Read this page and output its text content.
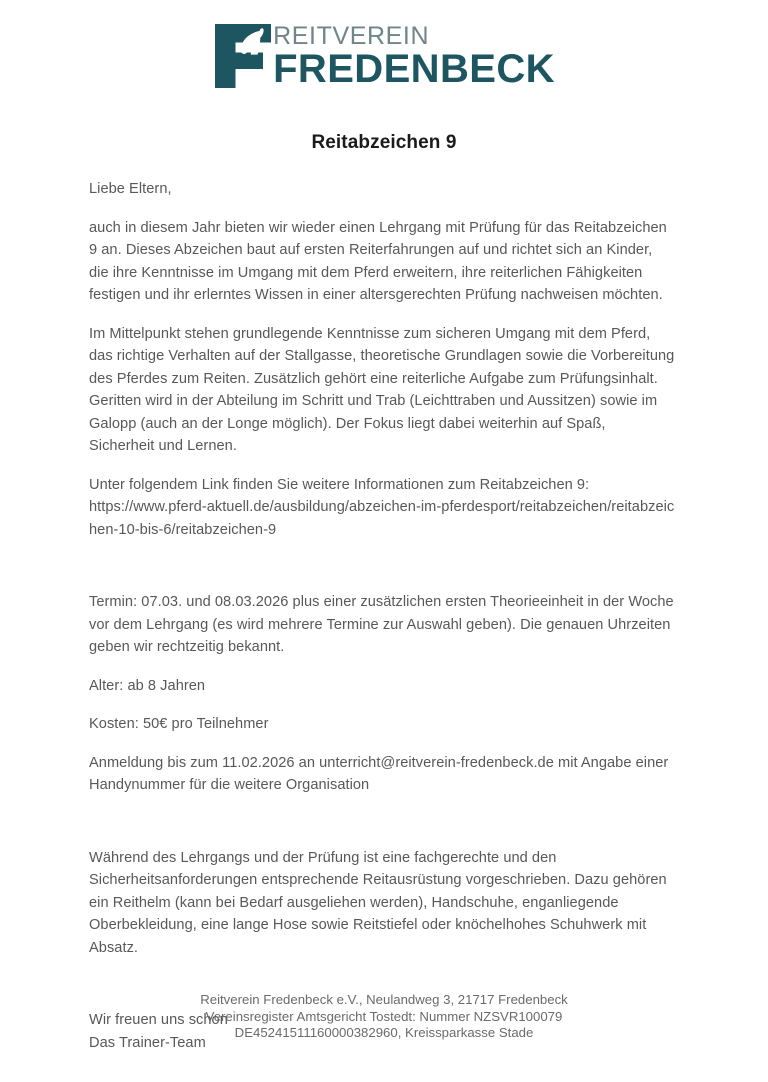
REITVEREIN
FREDENBECK
Reitabzeichen 9

Liebe Eltern,

auch in diesem Jahr bieten wir wieder einen Lehrgang mit Prüfung für das Reitabzeichen 9 an. Dieses Abzeichen baut auf ersten Reiterfahrungen auf und richtet sich an Kinder, die ihre Kenntnisse im Umgang mit dem Pferd erweitern, ihre reiterlichen Fähigkeiten festigen und ihr erlerntes Wissen in einer altersgerechten Prüfung nachweisen möchten.

Im Mittelpunkt stehen grundlegende Kenntnisse zum sicheren Umgang mit dem Pferd, das richtige Verhalten auf der Stallgasse, theoretische Grundlagen sowie die Vorbereitung des Pferdes zum Reiten. Zusätzlich gehört eine reiterliche Aufgabe zum Prüfungsinhalt. Geritten wird in der Abteilung im Schritt und Trab (Leichttraben und Aussitzen) sowie im Galopp (auch an der Longe möglich). Der Fokus liegt dabei weiterhin auf Spaß, Sicherheit und Lernen.

Unter folgendem Link finden Sie weitere Informationen zum Reitabzeichen 9:

https://www.pferd-aktuell.de/ausbildung/abzeichen-im-pferdesport/reitabzeichen/reitabzeichen-10-bis-6/reitabzeichen-9

Termin: 07.03. und 08.03.2026 plus einer zusätzlichen ersten Theorieeinheit in der Woche vor dem Lehrgang (es wird mehrere Termine zur Auswahl geben). Die genauen Uhrzeiten geben wir rechtzeitig bekannt.

Alter: ab 8 Jahren

Kosten: 50€ pro Teilnehmer

Anmeldung bis zum 11.02.2026 an unterricht@reitverein-fredenbeck.de mit Angabe einer Handynummer für die weitere Organisation

Während des Lehrgangs und der Prüfung ist eine fachgerechte und den Sicherheitsanforderungen entsprechende Reitausrüstung vorgeschrieben. Dazu gehören ein Reithelm (kann bei Bedarf ausgeliehen werden), Handschuhe, enganliegende Oberbekleidung, eine lange Hose sowie Reitstiefel oder knöchelhohes Schuhwerk mit Absatz.

Wir freuen uns schon
Das Trainer-Team

Reitverein Fredenbeck e.V., Neulandweg 3, 21717 Fredenbeck
Vereinsregister Amtsgericht Tostedt: Nummer NZSVR100079
DE45241511160000382960, Kreissparkasse Stade
